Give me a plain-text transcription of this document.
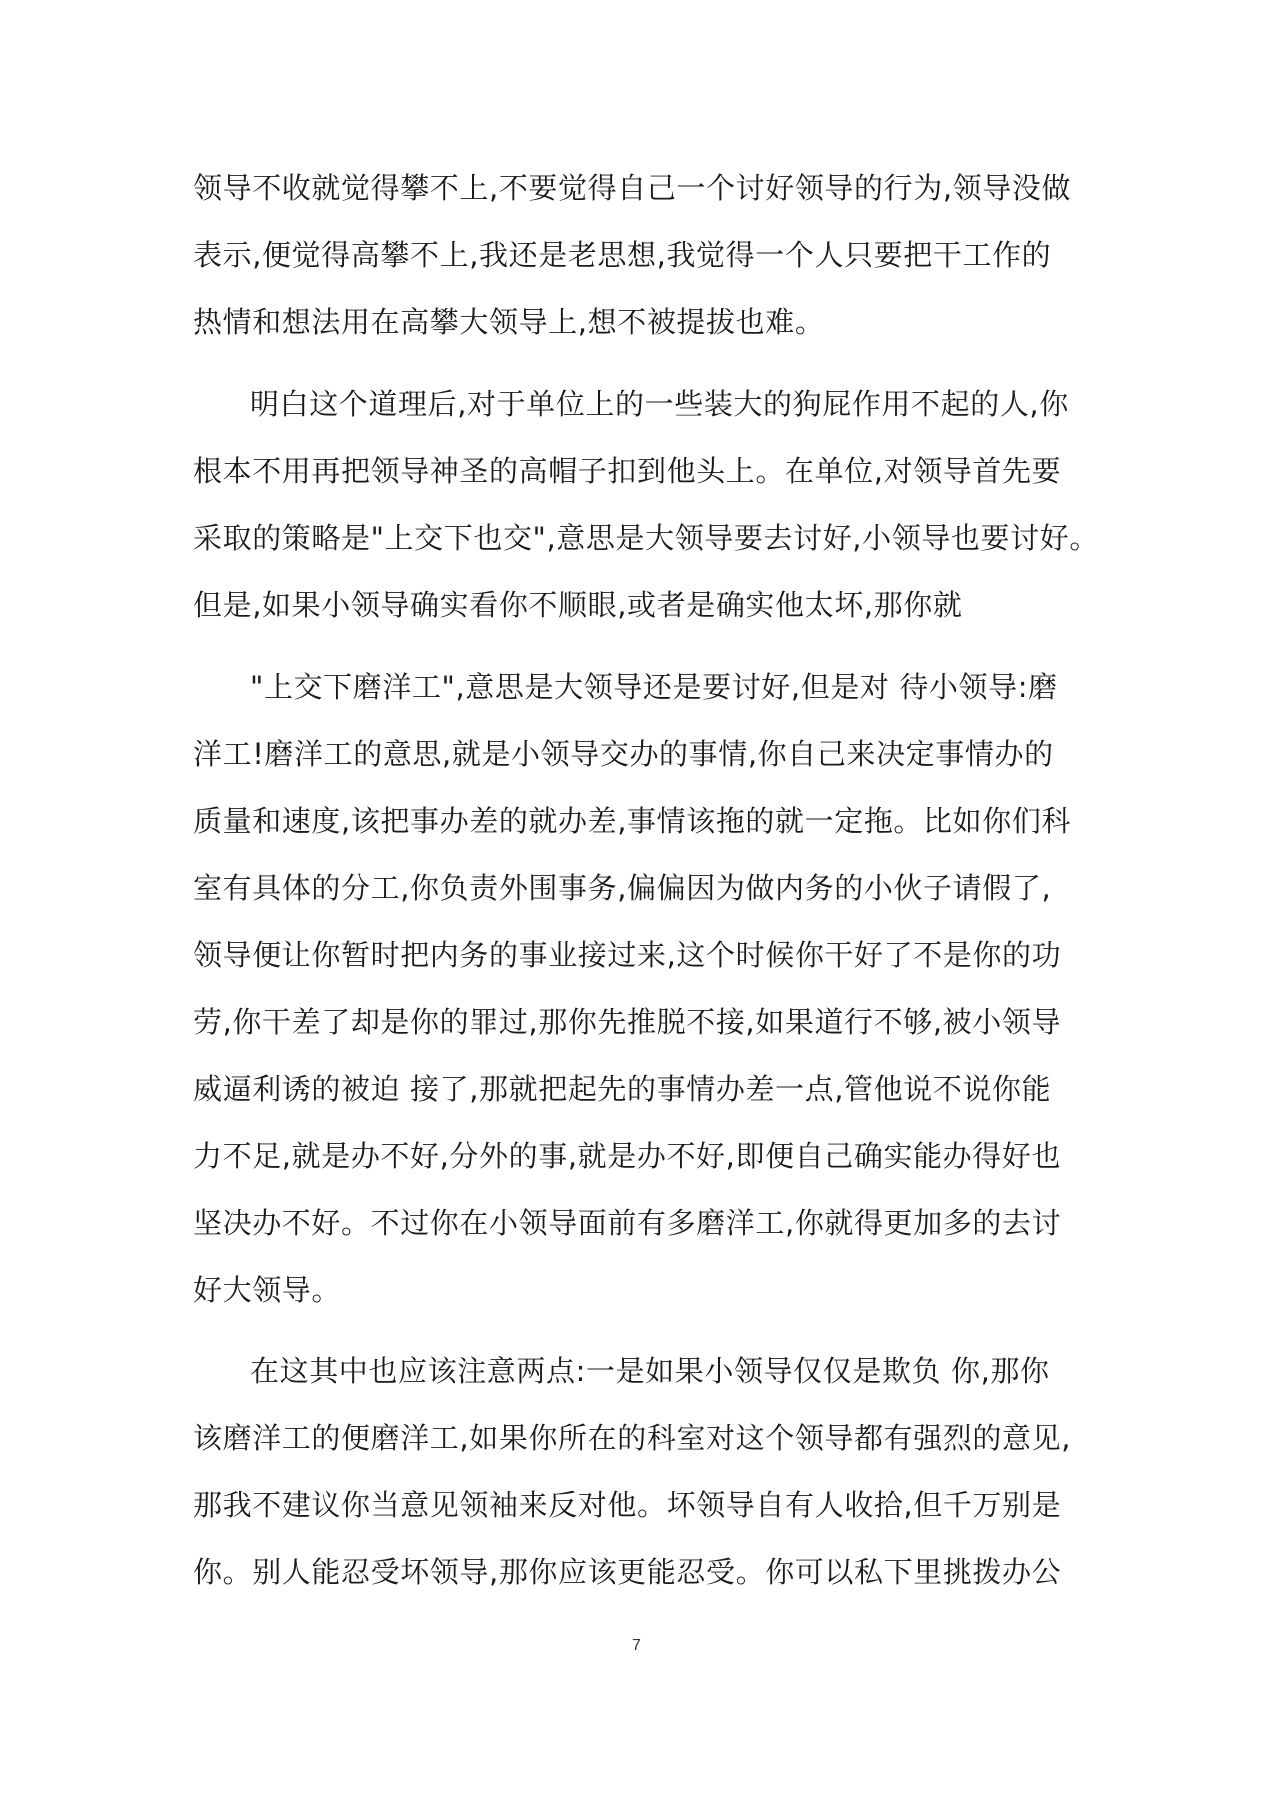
领导不收就觉得攀不上,不要觉得自己一个讨好领导的行为,领导没做
表示,便觉得高攀不上,我还是老思想,我觉得一个人只要把干工作的
热情和想法用在高攀大领导上,想不被提拔也难。
明白这个道理后,对于单位上的一些装大的狗屁作用不起的人,你
根本不用再把领导神圣的高帽子扣到他头上。在单位,对领导首先要
采取的策略是"上交下也交",意思是大领导要去讨好,小领导也要讨好。
但是,如果小领导确实看你不顺眼,或者是确实他太坏,那你就
"上交下磨洋工",意思是大领导还是要讨好,但是对 待小领导:磨
洋工!磨洋工的意思,就是小领导交办的事情,你自己来决定事情办的
质量和速度,该把事办差的就办差,事情该拖的就一定拖。比如你们科
室有具体的分工,你负责外围事务,偏偏因为做内务的小伙子请假了,
领导便让你暂时把内务的事业接过来,这个时候你干好了不是你的功
劳,你干差了却是你的罪过,那你先推脱不接,如果道行不够,被小领导
威逼利诱的被迫 接了,那就把起先的事情办差一点,管他说不说你能
力不足,就是办不好,分外的事,就是办不好,即便自己确实能办得好也
坚决办不好。不过你在小领导面前有多磨洋工,你就得更加多的去讨
好大领导。
在这其中也应该注意两点:一是如果小领导仅仅是欺负 你,那你
该磨洋工的便磨洋工,如果你所在的科室对这个领导都有强烈的意见,
那我不建议你当意见领袖来反对他。坏领导自有人收拾,但千万别是
你。别人能忍受坏领导,那你应该更能忍受。你可以私下里挑拨办公
7
